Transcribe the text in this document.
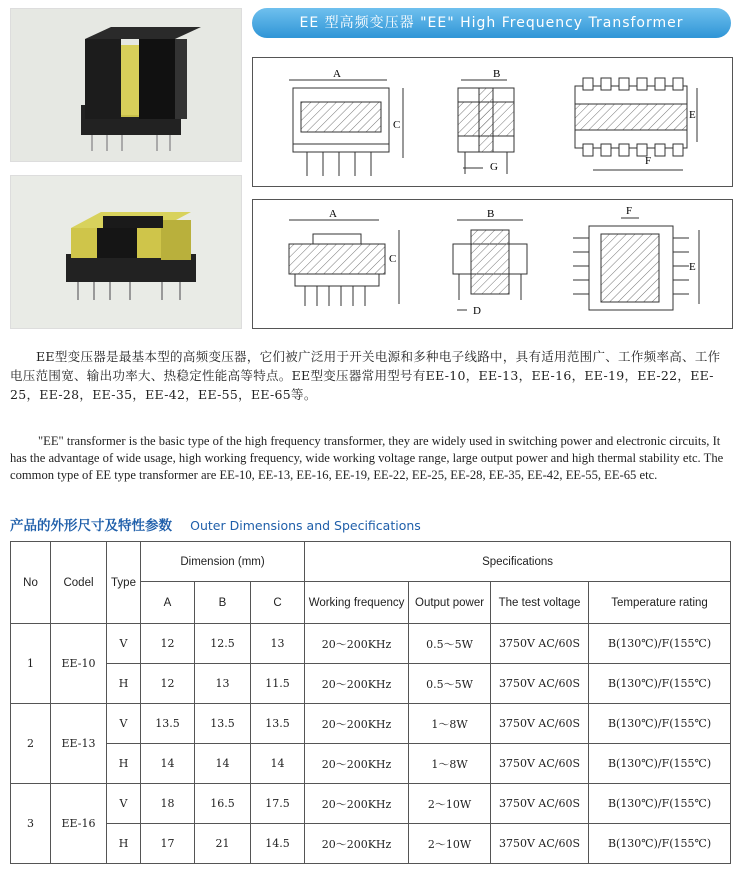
EE 型高频变压器 "EE" High Frequency Transformer
A
C
B
G
E
F
A
C
B
D
F
E

EE型变压器是最基本型的高频变压器，它们被广泛用于开关电源和多种电子线路中，具有适用范围广、工作频率高、工作电压范围宽、输出功率大、热稳定性能高等特点。EE型变压器常用型号有EE-10，EE-13，EE-16，EE-19，EE-22，EE-25，EE-28，EE-35，EE-42，EE-55，EE-65等。

"EE" transformer is the basic type of the high frequency transformer, they are widely used in switching power and electronic circuits, It has the advantage of wide usage, high working frequency, wide working voltage range, large output power and high thermal stability etc. The common type of EE type transformer are EE-10, EE-13, EE-16, EE-19, EE-22, EE-25, EE-28, EE-35, EE-42, EE-55, EE-65 etc.

产品的外形尺寸及特性参数 Outer Dimensions and Specifications
No	Codel	Type	Dimension (mm)			Specifications			
			A	B	C	Working frequency	Output power	The test voltage	Temperature rating
1	EE-10	V	12	12.5	13	20～200KHz	0.5～5W	3750V AC/60S	B(130℃)/F(155℃)
		H	12	13	11.5	20～200KHz	0.5～5W	3750V AC/60S	B(130℃)/F(155℃)
2	EE-13	V	13.5	13.5	13.5	20～200KHz	1～8W	3750V AC/60S	B(130℃)/F(155℃)
		H	14	14	14	20～200KHz	1～8W	3750V AC/60S	B(130℃)/F(155℃)
3	EE-16	V	18	16.5	17.5	20～200KHz	2～10W	3750V AC/60S	B(130℃)/F(155℃)
		H	17	21	14.5	20～200KHz	2～10W	3750V AC/60S	B(130℃)/F(155℃)
